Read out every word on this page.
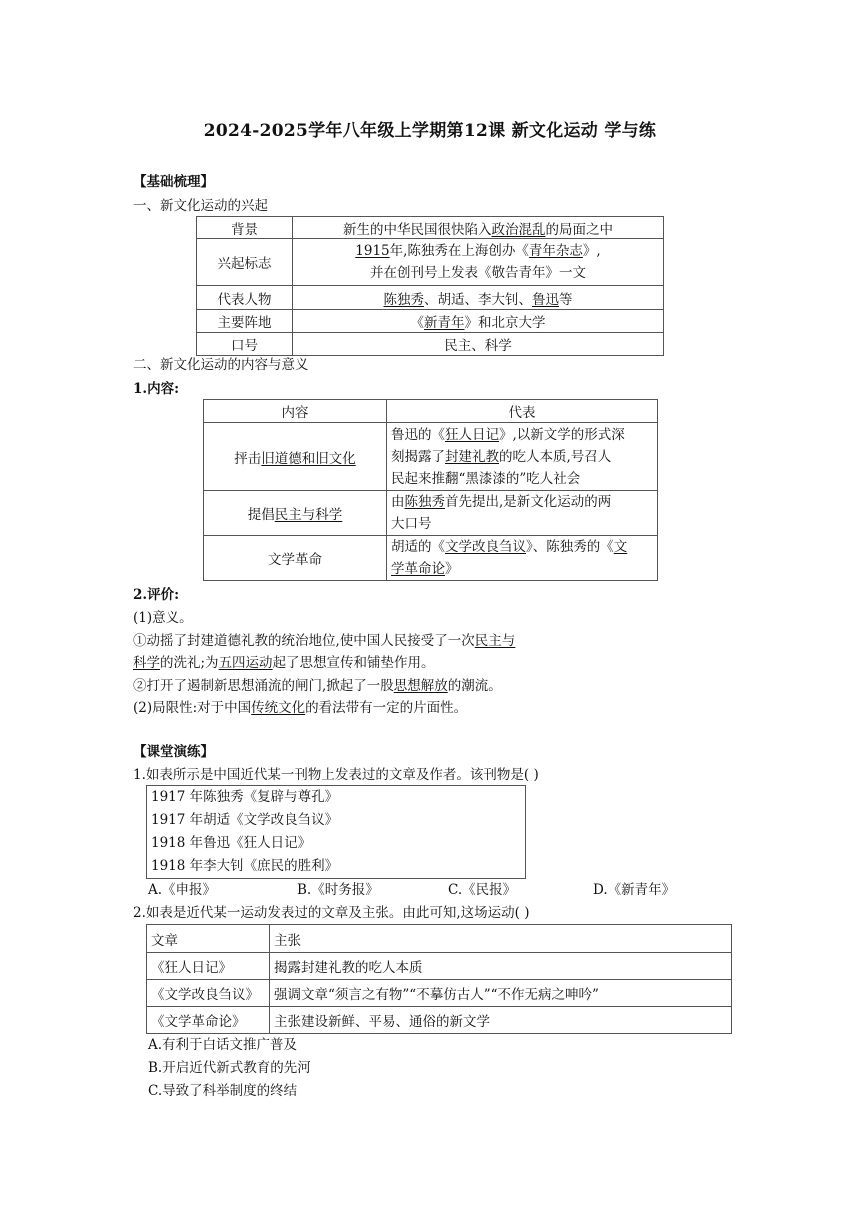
2024-2025学年八年级上学期第12课 新文化运动 学与练
【基础梳理】
一、新文化运动的兴起
背景	新生的中华民国很快陷入政治混乱的局面之中
兴起标志	1915年,陈独秀在上海创办《青年杂志》,
并在创刊号上发表《敬告青年》一文

代表人物	陈独秀、胡适、李大钊、鲁迅等
主要阵地	《新青年》和北京大学
口号	民主、科学
二、新文化运动的内容与意义
1.内容:
内容	代表
抨击旧道德和旧文化	鲁迅的《狂人日记》,以新文学的形式深
刻揭露了封建礼教的吃人本质,号召人
民起来推翻“黑漆漆的”吃人社会

提倡民主与科学	由陈独秀首先提出,是新文化运动的两
大口号

文学革命	胡适的《文学改良刍议》、陈独秀的《文
学革命论》
2.评价:
(1)意义。
①动摇了封建道德礼教的统治地位,使中国人民接受了一次民主与
科学的洗礼;为五四运动起了思想宣传和铺垫作用。
②打开了遏制新思想涌流的闸门,掀起了一股思想解放的潮流。
(2)局限性:对于中国传统文化的看法带有一定的片面性。
【课堂演练】
1.如表所示是中国近代某一刊物上发表过的文章及作者。该刊物是( )
1917 年陈独秀《复辟与尊孔》
1917 年胡适《文学改良刍议》
1918 年鲁迅《狂人日记》
1918 年李大钊《庶民的胜利》
A.《申报》	B.《时务报》	C.《民报》	D.《新青年》
2.如表是近代某一运动发表过的文章及主张。由此可知,这场运动( )
文章	主张
《狂人日记》	揭露封建礼教的吃人本质
《文学改良刍议》	强调文章“须言之有物”“不摹仿古人”“不作无病之呻吟”
《文学革命论》	主张建设新鲜、平易、通俗的新文学
A.有利于白话文推广普及
B.开启近代新式教育的先河
C.导致了科举制度的终结
